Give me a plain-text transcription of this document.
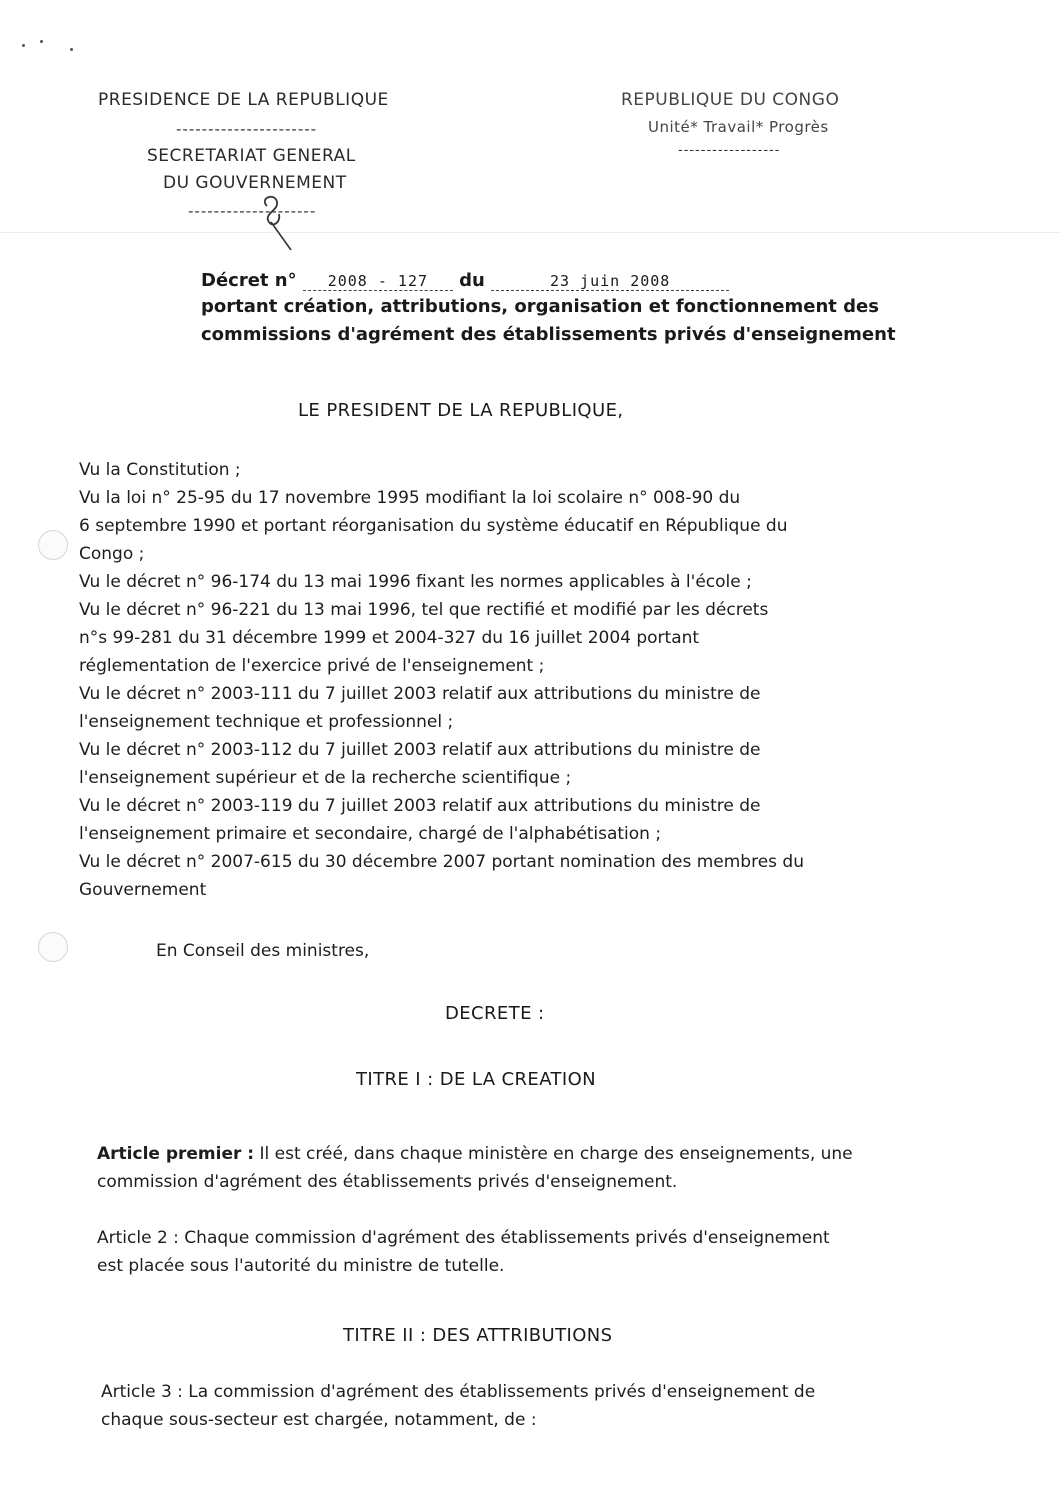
PRESIDENCE DE LA REPUBLIQUE
----------------------
SECRETARIAT GENERAL
DU GOUVERNEMENT
--------------------
REPUBLIQUE DU CONGO
Unité* Travail* Progrès
------------------
Décret n° 2008 - 127 du	23 juin 2008
portant création, attributions, organisation et fonctionnement des
commissions d'agrément des établissements privés d'enseignement
LE PRESIDENT DE LA REPUBLIQUE,
Vu la Constitution ;
Vu la loi n° 25-95 du 17 novembre 1995 modifiant la loi scolaire n° 008-90 du
6 septembre 1990 et portant réorganisation du système éducatif en République du
Congo ;
Vu le décret n° 96-174 du 13 mai 1996 fixant les normes applicables à l'école ;
Vu le décret n° 96-221 du 13 mai 1996, tel que rectifié et modifié par les décrets
n°s 99-281 du 31 décembre 1999 et 2004-327 du 16 juillet 2004 portant
réglementation de l'exercice privé de l'enseignement ;
Vu le décret n° 2003-111 du 7 juillet 2003 relatif aux attributions du ministre de
l'enseignement technique et professionnel ;
Vu le décret n° 2003-112 du 7 juillet 2003 relatif aux attributions du ministre de
l'enseignement supérieur et de la recherche scientifique ;
Vu le décret n° 2003-119 du 7 juillet 2003 relatif aux attributions du ministre de
l'enseignement primaire et secondaire, chargé de l'alphabétisation ;
Vu le décret n° 2007-615 du 30 décembre 2007 portant nomination des membres du
Gouvernement
En Conseil des ministres,
DECRETE :
TITRE I : DE LA CREATION
Article premier : Il est créé, dans chaque ministère en charge des enseignements, une
commission d'agrément des établissements privés d'enseignement.
Article 2 : Chaque commission d'agrément des établissements privés d'enseignement
est placée sous l'autorité du ministre de tutelle.
TITRE II : DES ATTRIBUTIONS
Article 3 : La commission d'agrément des établissements privés d'enseignement de
chaque sous-secteur est chargée, notamment, de :
